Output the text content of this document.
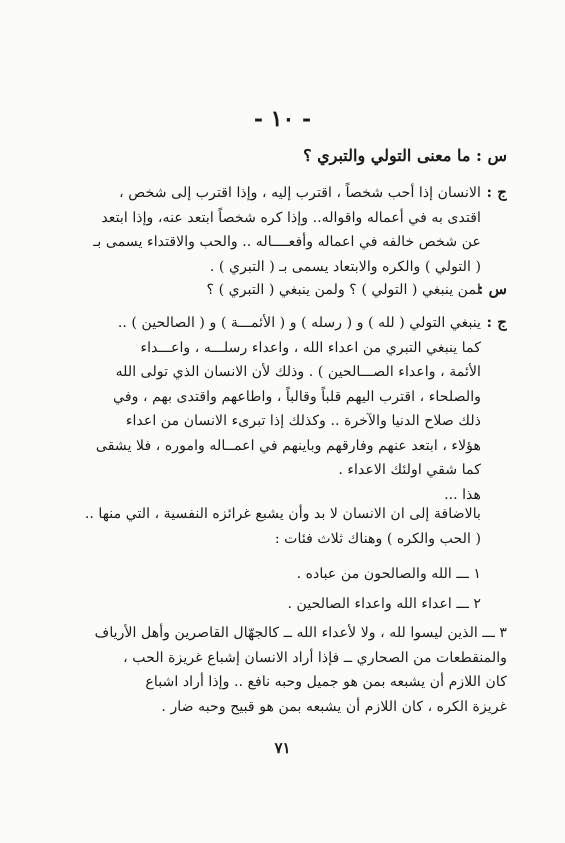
- ١٠ -
س : ما معنى التولي والتبري ؟
ج :الانسان إذا أحب شخصاً ، اقترب إليه ، وإذا اقترب إلى شخص ،
اقتدى به في أعماله واقواله.. وإذا كره شخصاً ابتعد عنه، وإذا ابتعد
عن شخص خالفه في اعماله وأفعــــاله .. والحب والاقتداء يسمى بـ
( التولي ) والكره والابتعاد يسمى بـ ( التبري ) .
س :لمن ينبغي ( التولي ) ؟ ولمن ينبغي ( التبري ) ؟
ج :ينبغي التولي ( لله ) و ( رسله ) و ( الأئمـــة ) و ( الصالحين ) ..
كما ينبغي التبري من اعداء الله ، واعداء رسلـــه ، واعـــداء
الأئمة ، واعداء الصـــالحين ) . وذلك لأن الانسان الذي تولى الله
والصلحاء ، اقترب اليهم قلباً وقالباً ، واطاعهم واقتدى بهم ، وفي
ذلك صلاح الدنيا والآخرة .. وكذلك إذا تبرىء الانسان من اعداء
هؤلاء ، ابتعد عنهم وفارقهم وباينهم في اعمــاله واموره ، فلا يشقى
كما شقي اولئك الاعداء .
هذا ...
بالاضافة إلى ان الانسان لا بد وأن يشبع غرائزه النفسية ، التي منها ..
( الحب والكره ) وهناك ثلاث فئات :
١ ـــ الله والصالحون من عباده .
٢ ـــ اعداء الله واعداء الصالحين .
٣ ـــ الذين ليسوا لله ، ولا لأعداء الله ــ كالجهّال القاصرين وأهل الأرياف
والمنقطعات من الصحاري ــ فإذا أراد الانسان إشباع غريزة الحب ،
كان اللازم أن يشبعه بمن هو جميل وحبه نافع .. وإذا أراد اشباع
غريزة الكره ، كان اللازم أن يشبعه بمن هو قبيح وحبه ضار .
٧١
